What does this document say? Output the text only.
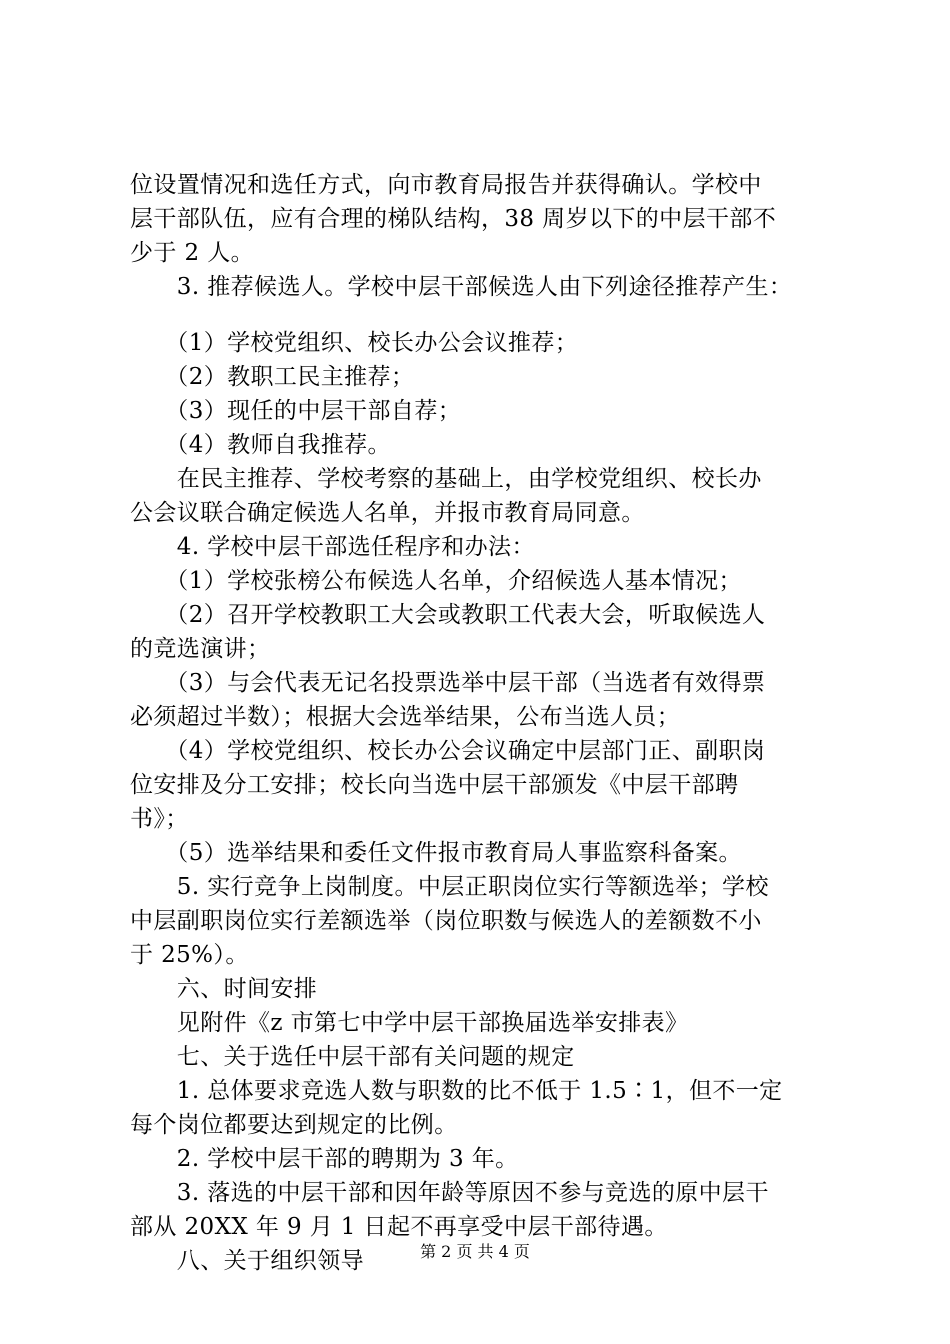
位设置情况和选任方式，向市教育局报告并获得确认。学校中
层干部队伍，应有合理的梯队结构，38 周岁以下的中层干部不
少于 2 人。
　　3. 推荐候选人。学校中层干部候选人由下列途径推荐产生：
　　（1）学校党组织、校长办公会议推荐；
　　（2）教职工民主推荐；
　　（3）现任的中层干部自荐；
　　（4）教师自我推荐。
　　在民主推荐、学校考察的基础上，由学校党组织、校长办
公会议联合确定候选人名单，并报市教育局同意。
　　4. 学校中层干部选任程序和办法：
　　（1）学校张榜公布候选人名单，介绍候选人基本情况；
　　（2）召开学校教职工大会或教职工代表大会，听取候选人
的竞选演讲；
　　（3）与会代表无记名投票选举中层干部（当选者有效得票
必须超过半数）；根据大会选举结果，公布当选人员；
　　（4）学校党组织、校长办公会议确定中层部门正、副职岗
位安排及分工安排；校长向当选中层干部颁发《中层干部聘
书》；
　　（5）选举结果和委任文件报市教育局人事监察科备案。
　　5. 实行竞争上岗制度。中层正职岗位实行等额选举；学校
中层副职岗位实行差额选举（岗位职数与候选人的差额数不小
于 25%）。
　　六、时间安排
　　见附件《z 市第七中学中层干部换届选举安排表》
　　七、关于选任中层干部有关问题的规定
　　1. 总体要求竞选人数与职数的比不低于 1.5∶1，但不一定
每个岗位都要达到规定的比例。
　　2. 学校中层干部的聘期为 3 年。
　　3. 落选的中层干部和因年龄等原因不参与竞选的原中层干
部从 20XX 年 9 月 1 日起不再享受中层干部待遇。
　　八、关于组织领导	第 2 页 共 4 页
